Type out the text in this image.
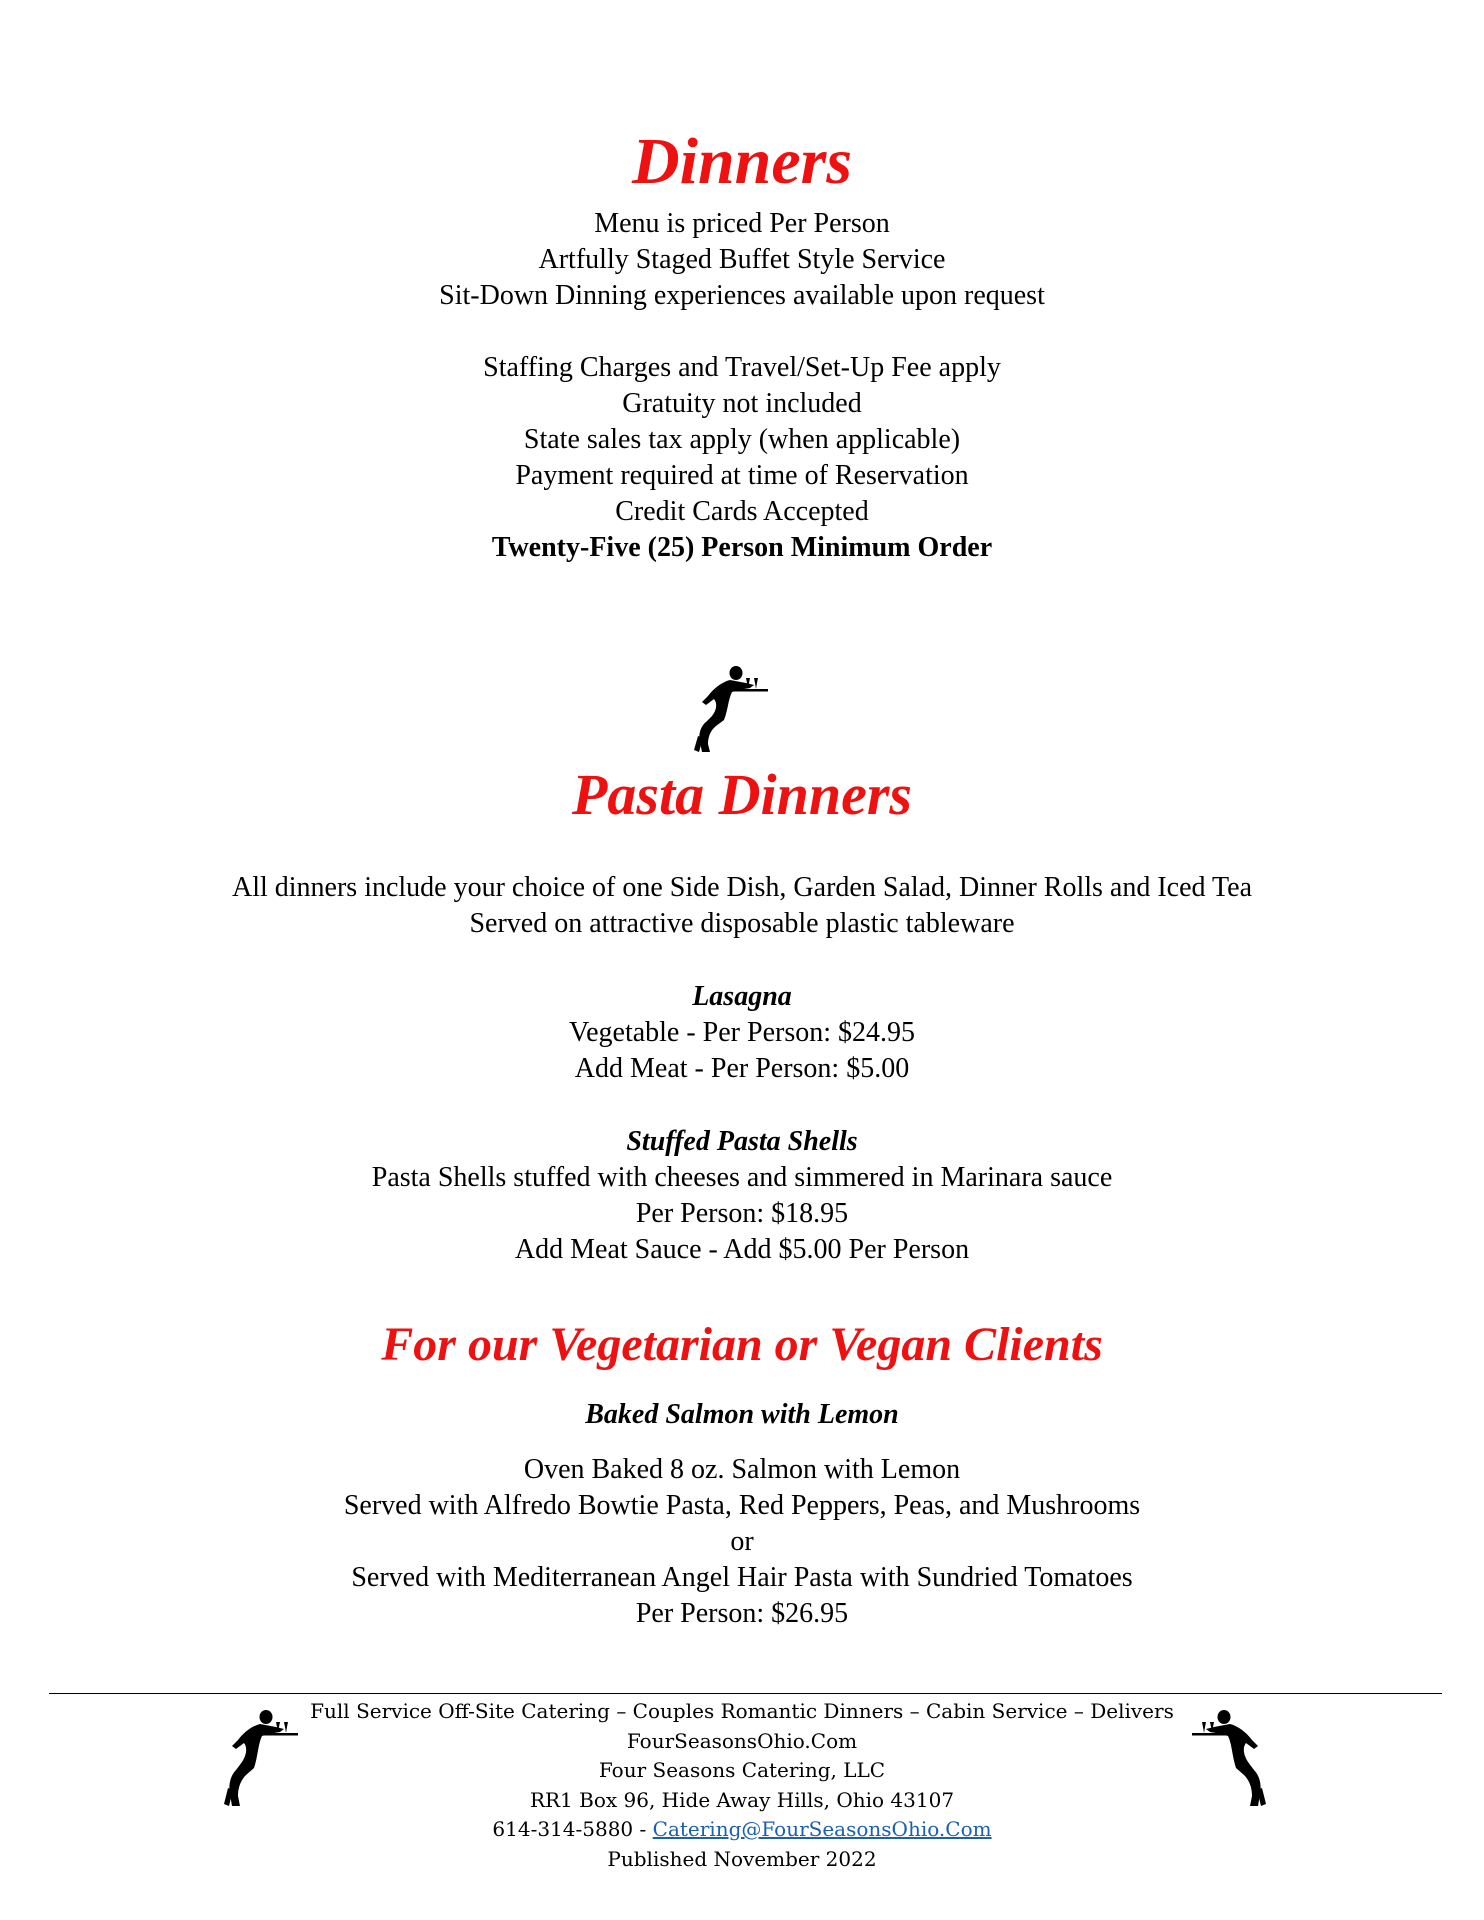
Dinners
Menu is priced Per Person
Artfully Staged Buffet Style Service
Sit-Down Dinning experiences available upon request
Staffing Charges and Travel/Set-Up Fee apply
Gratuity not included
State sales tax apply (when applicable)
Payment required at time of Reservation
Credit Cards Accepted
Twenty-Five (25) Person Minimum Order
Pasta Dinners
All dinners include your choice of one Side Dish, Garden Salad, Dinner Rolls and Iced Tea
Served on attractive disposable plastic tableware
Lasagna
Vegetable - Per Person: $24.95
Add Meat - Per Person: $5.00
Stuffed Pasta Shells
Pasta Shells stuffed with cheeses and simmered in Marinara sauce
Per Person: $18.95
Add Meat Sauce - Add $5.00 Per Person
For our Vegetarian or Vegan Clients
Baked Salmon with Lemon
Oven Baked 8 oz. Salmon with Lemon
Served with Alfredo Bowtie Pasta, Red Peppers, Peas, and Mushrooms
or
Served with Mediterranean Angel Hair Pasta with Sundried Tomatoes
Per Person: $26.95
Full Service Off-Site Catering – Couples Romantic Dinners – Cabin Service – Delivers
FourSeasonsOhio.Com
Four Seasons Catering, LLC
RR1 Box 96, Hide Away Hills, Ohio 43107
614-314-5880 - Catering@FourSeasonsOhio.Com
Published November 2022
